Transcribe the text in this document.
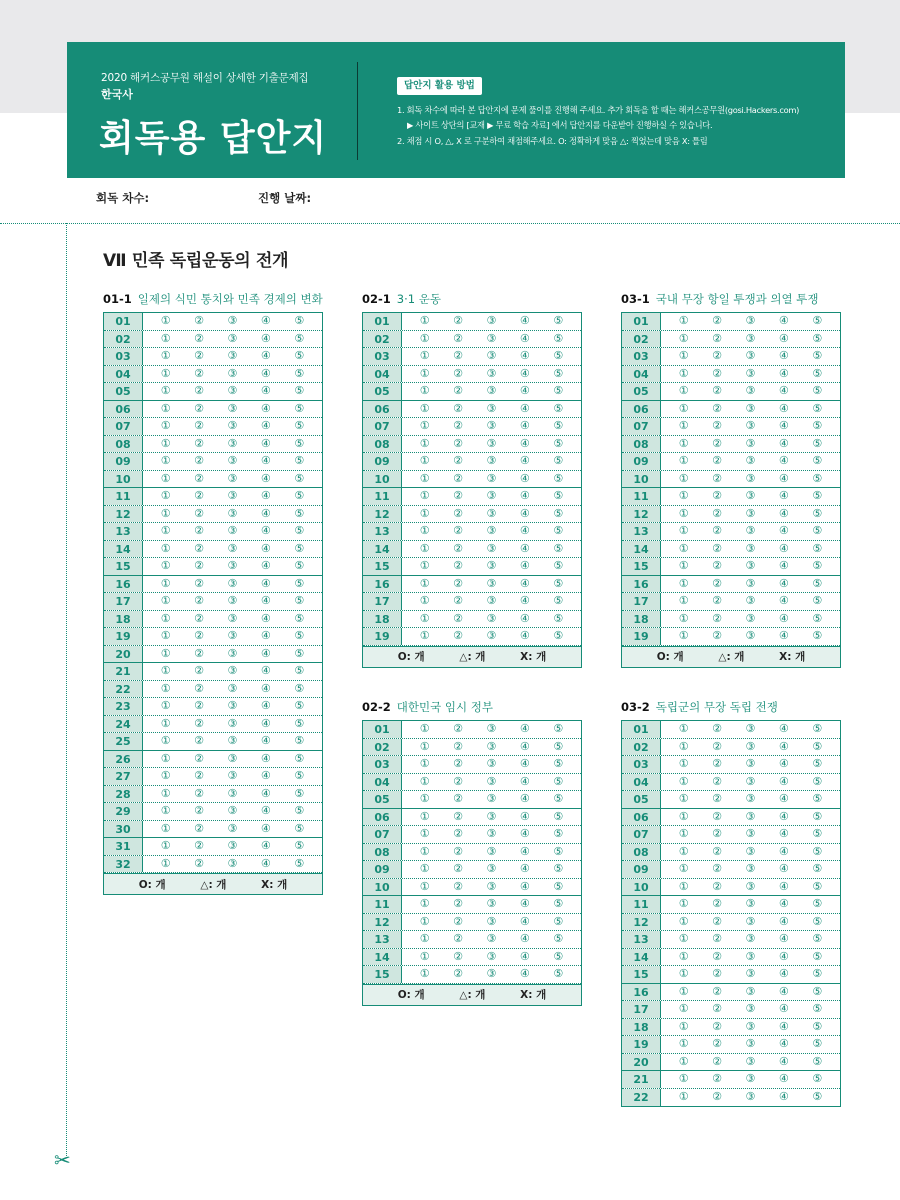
2020 해커스공무원 해설이 상세한 기출문제집
한국사
회독용 답안지
답안지 활용 방법
1. 회독 차수에 따라 본 답안지에 문제 풀이를 진행해 주세요. 추가 회독을 할 때는 해커스공무원(gosi.Hackers.com)
▶ 사이트 상단의 [교재 ▶ 무료 학습 자료] 에서 답안지를 다운받아 진행하실 수 있습니다.
2. 채점 시 O, △, X 로 구분하여 채점해주세요. O: 정확하게 맞음 △: 찍었는데 맞음 X: 틀림
회독 차수:	진행 날짜:
✂
Ⅶ 민족 독립운동의 전개
01-1 일제의 식민 통치와 민족 경제의 변화
01	① ② ③ ④ ⑤
02	① ② ③ ④ ⑤
03	① ② ③ ④ ⑤
04	① ② ③ ④ ⑤
05	① ② ③ ④ ⑤
06	① ② ③ ④ ⑤
07	① ② ③ ④ ⑤
08	① ② ③ ④ ⑤
09	① ② ③ ④ ⑤
10	① ② ③ ④ ⑤
11	① ② ③ ④ ⑤
12	① ② ③ ④ ⑤
13	① ② ③ ④ ⑤
14	① ② ③ ④ ⑤
15	① ② ③ ④ ⑤
16	① ② ③ ④ ⑤
17	① ② ③ ④ ⑤
18	① ② ③ ④ ⑤
19	① ② ③ ④ ⑤
20	① ② ③ ④ ⑤
21	① ② ③ ④ ⑤
22	① ② ③ ④ ⑤
23	① ② ③ ④ ⑤
24	① ② ③ ④ ⑤
25	① ② ③ ④ ⑤
26	① ② ③ ④ ⑤
27	① ② ③ ④ ⑤
28	① ② ③ ④ ⑤
29	① ② ③ ④ ⑤
30	① ② ③ ④ ⑤
31	① ② ③ ④ ⑤
32	① ② ③ ④ ⑤
O: 개	△: 개	X: 개
02-1 3·1 운동
01	① ② ③ ④ ⑤
02	① ② ③ ④ ⑤
03	① ② ③ ④ ⑤
04	① ② ③ ④ ⑤
05	① ② ③ ④ ⑤
06	① ② ③ ④ ⑤
07	① ② ③ ④ ⑤
08	① ② ③ ④ ⑤
09	① ② ③ ④ ⑤
10	① ② ③ ④ ⑤
11	① ② ③ ④ ⑤
12	① ② ③ ④ ⑤
13	① ② ③ ④ ⑤
14	① ② ③ ④ ⑤
15	① ② ③ ④ ⑤
16	① ② ③ ④ ⑤
17	① ② ③ ④ ⑤
18	① ② ③ ④ ⑤
19	① ② ③ ④ ⑤
O: 개	△: 개	X: 개
03-1 국내 무장 항일 투쟁과 의열 투쟁
01	① ② ③ ④ ⑤
02	① ② ③ ④ ⑤
03	① ② ③ ④ ⑤
04	① ② ③ ④ ⑤
05	① ② ③ ④ ⑤
06	① ② ③ ④ ⑤
07	① ② ③ ④ ⑤
08	① ② ③ ④ ⑤
09	① ② ③ ④ ⑤
10	① ② ③ ④ ⑤
11	① ② ③ ④ ⑤
12	① ② ③ ④ ⑤
13	① ② ③ ④ ⑤
14	① ② ③ ④ ⑤
15	① ② ③ ④ ⑤
16	① ② ③ ④ ⑤
17	① ② ③ ④ ⑤
18	① ② ③ ④ ⑤
19	① ② ③ ④ ⑤
O: 개	△: 개	X: 개
02-2 대한민국 임시 정부
01	① ② ③ ④ ⑤
02	① ② ③ ④ ⑤
03	① ② ③ ④ ⑤
04	① ② ③ ④ ⑤
05	① ② ③ ④ ⑤
06	① ② ③ ④ ⑤
07	① ② ③ ④ ⑤
08	① ② ③ ④ ⑤
09	① ② ③ ④ ⑤
10	① ② ③ ④ ⑤
11	① ② ③ ④ ⑤
12	① ② ③ ④ ⑤
13	① ② ③ ④ ⑤
14	① ② ③ ④ ⑤
15	① ② ③ ④ ⑤
O: 개	△: 개	X: 개
03-2 독립군의 무장 독립 전쟁
01	① ② ③ ④ ⑤
02	① ② ③ ④ ⑤
03	① ② ③ ④ ⑤
04	① ② ③ ④ ⑤
05	① ② ③ ④ ⑤
06	① ② ③ ④ ⑤
07	① ② ③ ④ ⑤
08	① ② ③ ④ ⑤
09	① ② ③ ④ ⑤
10	① ② ③ ④ ⑤
11	① ② ③ ④ ⑤
12	① ② ③ ④ ⑤
13	① ② ③ ④ ⑤
14	① ② ③ ④ ⑤
15	① ② ③ ④ ⑤
16	① ② ③ ④ ⑤
17	① ② ③ ④ ⑤
18	① ② ③ ④ ⑤
19	① ② ③ ④ ⑤
20	① ② ③ ④ ⑤
21	① ② ③ ④ ⑤
22	① ② ③ ④ ⑤
